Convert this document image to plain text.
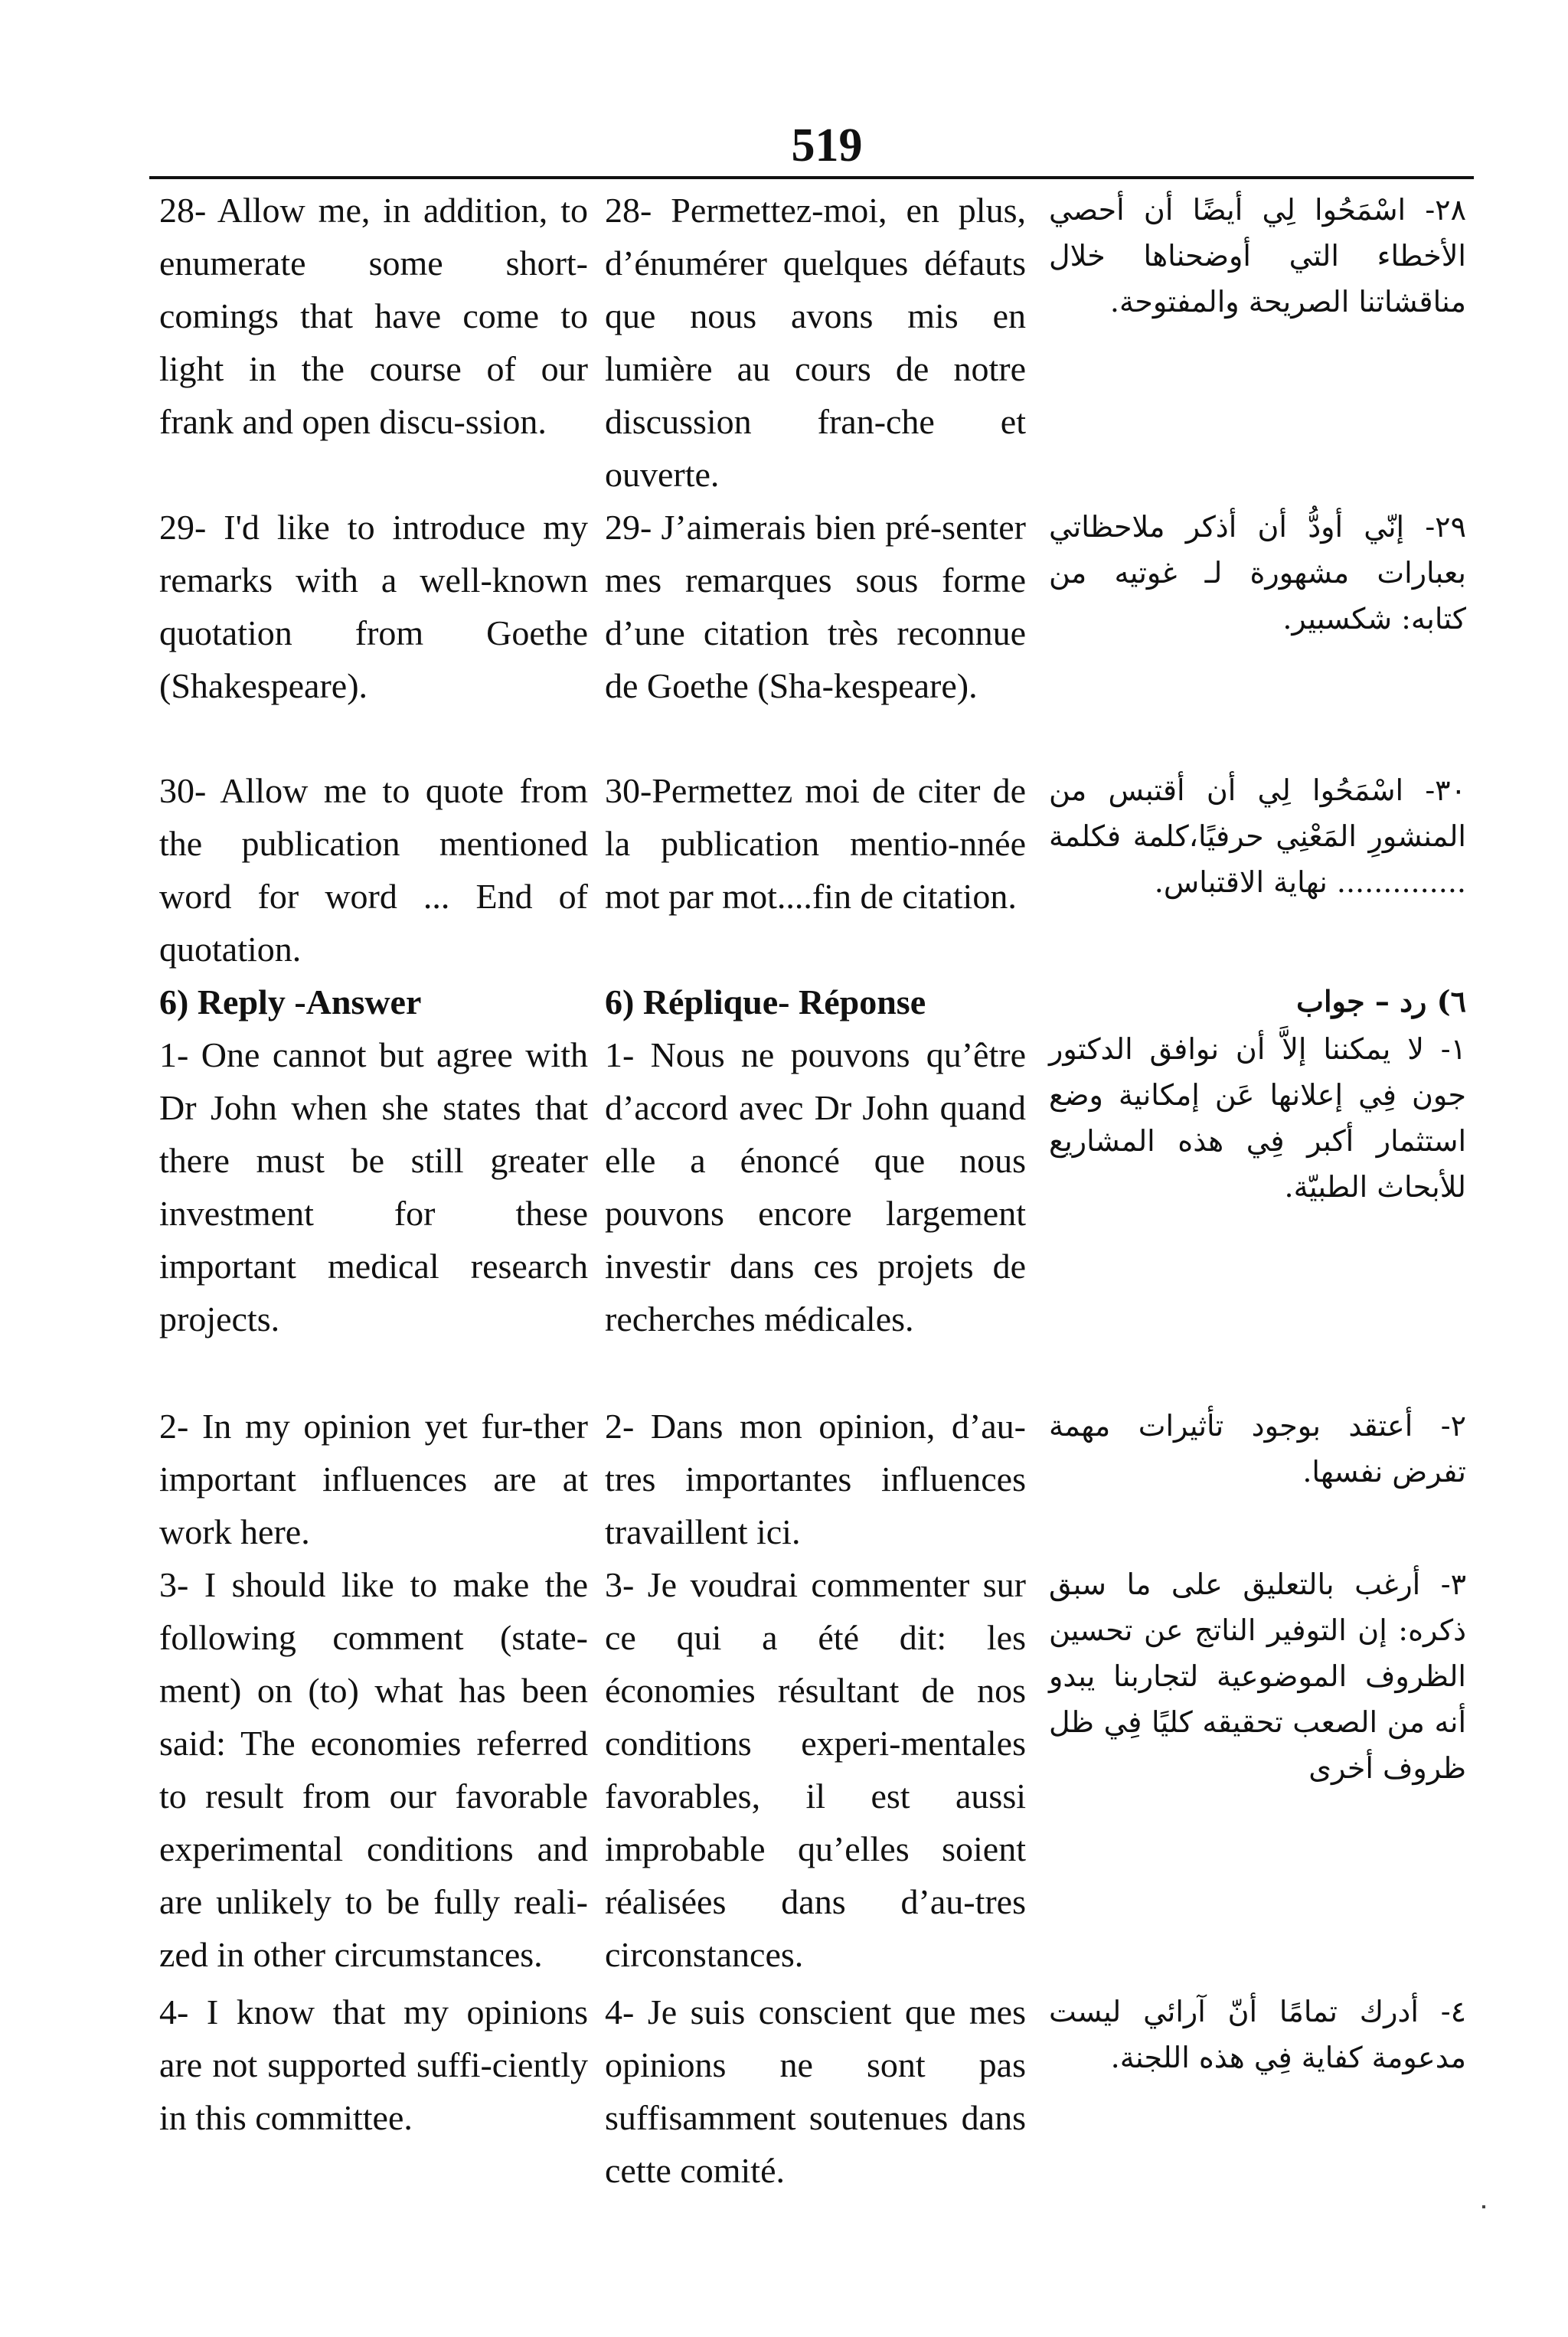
519

28- Allow me, in addition, to enumerate some short-comings that have come to light in the course of our frank and open discu-ssion.

29- I'd like to introduce my remarks with a well-known quotation from Goethe (Shakespeare).

30- Allow me to quote from the publication mentioned word for word ... End of quotation.

6) Reply -Answer

1- One cannot but agree with Dr John when she states that there must be still greater investment for these important medical research projects.

2- In my opinion yet fur-ther important influences are at work here.

3- I should like to make the following comment (state-ment) on (to) what has been said: The economies referred to result from our favorable experimental conditions and are unlikely to be fully reali-zed in other circumstances.

4- I know that my opinions are not supported suffi-ciently in this committee.

28- Permettez-moi, en plus, d’énumérer quelques défauts que nous avons mis en lumière au cours de notre discussion fran-che et ouverte.

29- J’aimerais bien pré-senter mes remarques sous forme d’une citation très reconnue de Goethe (Sha-kespeare).

30-Permettez moi de citer de la publication mentio-nnée mot par mot....fin de citation.

6) Réplique- Réponse

1- Nous ne pouvons qu’être d’accord avec Dr John quand elle a énoncé que nous pouvons encore largement investir dans ces projets de recherches médicales.

2- Dans mon opinion, d’au-tres importantes influences travaillent ici.

3- Je voudrai commenter sur ce qui a été dit: les économies résultant de nos conditions experi-mentales favorables, il est aussi improbable qu’elles soient réalisées dans d’au-tres circonstances.

4- Je suis conscient que mes opinions ne sont pas suffisamment soutenues dans cette comité.

٢٨- اسْمَحُوا لِي أيضًا أن أحصي الأخطاء التي أوضحناها خلال مناقشاتنا الصريحة والمفتوحة.

٢٩- إنّي أودُّ أن أذكر ملاحظاتي بعبارات مشهورة لـ غوتيه من كتابه: شكسبير.

٣٠- اسْمَحُوا لِي أن أقتبس من المنشورِ المَعْنِي حرفيًا،كلمة فكلمة .............. نهاية الاقتباس.

٦) رد – جواب

١- لا يمكننا إلاَّ أن نوافق الدكتور جون فِي إعلانها عَن إمكانية وضع استثمار أكبر فِي هذه المشاريع للأبحاث الطبيّة.

٢- أعتقد بوجود تأثيرات مهمة تفرض نفسها.

٣- أرغب بالتعليق على ما سبق ذكره: إن التوفير الناتج عن تحسين الظروف الموضوعية لتجاربنا يبدو أنه من الصعب تحقيقه كليًا فِي ظل ظروف أخرى

٤- أدرك تمامًا أنّ آرائي ليست مدعومة كفاية فِي هذه اللجنة.
